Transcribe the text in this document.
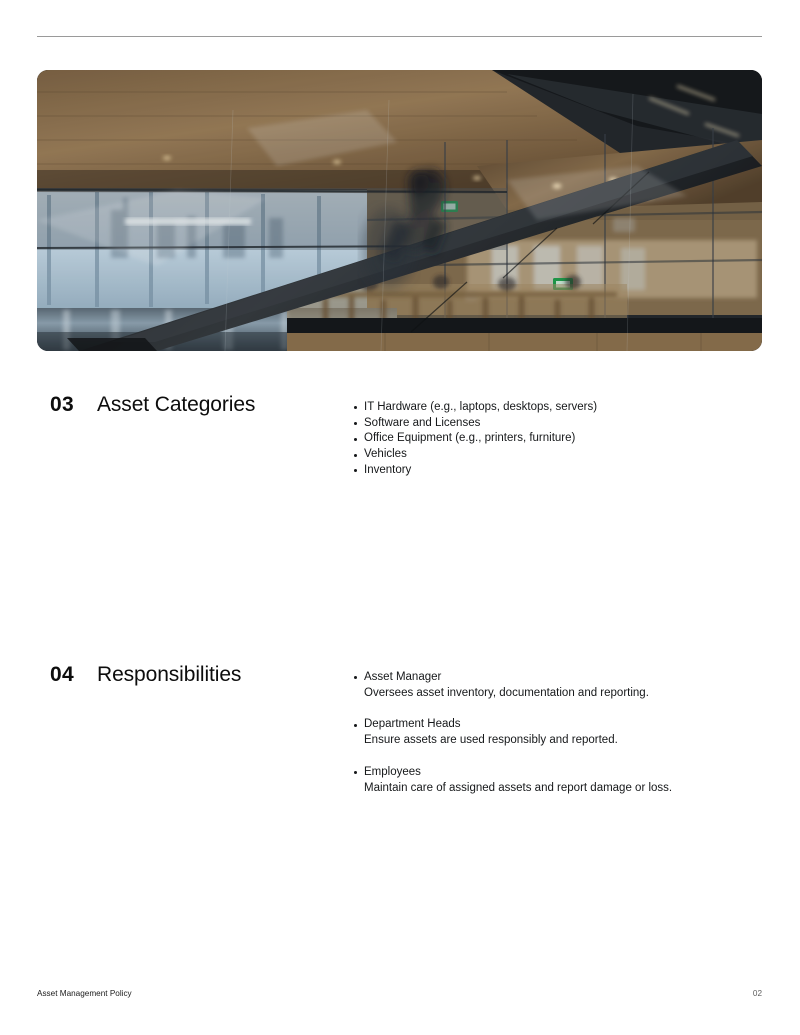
03 Asset Categories	IT Hardware (e.g., laptops, desktops, servers)
Software and Licenses
Office Equipment (e.g., printers, furniture)
Vehicles
Inventory
04 Responsibilities	Asset Manager
Oversees asset inventory, documentation and reporting.
Department Heads
Ensure assets are used responsibly and reported.
Employees
Maintain care of assigned assets and report damage or loss.
Asset Management Policy	02
